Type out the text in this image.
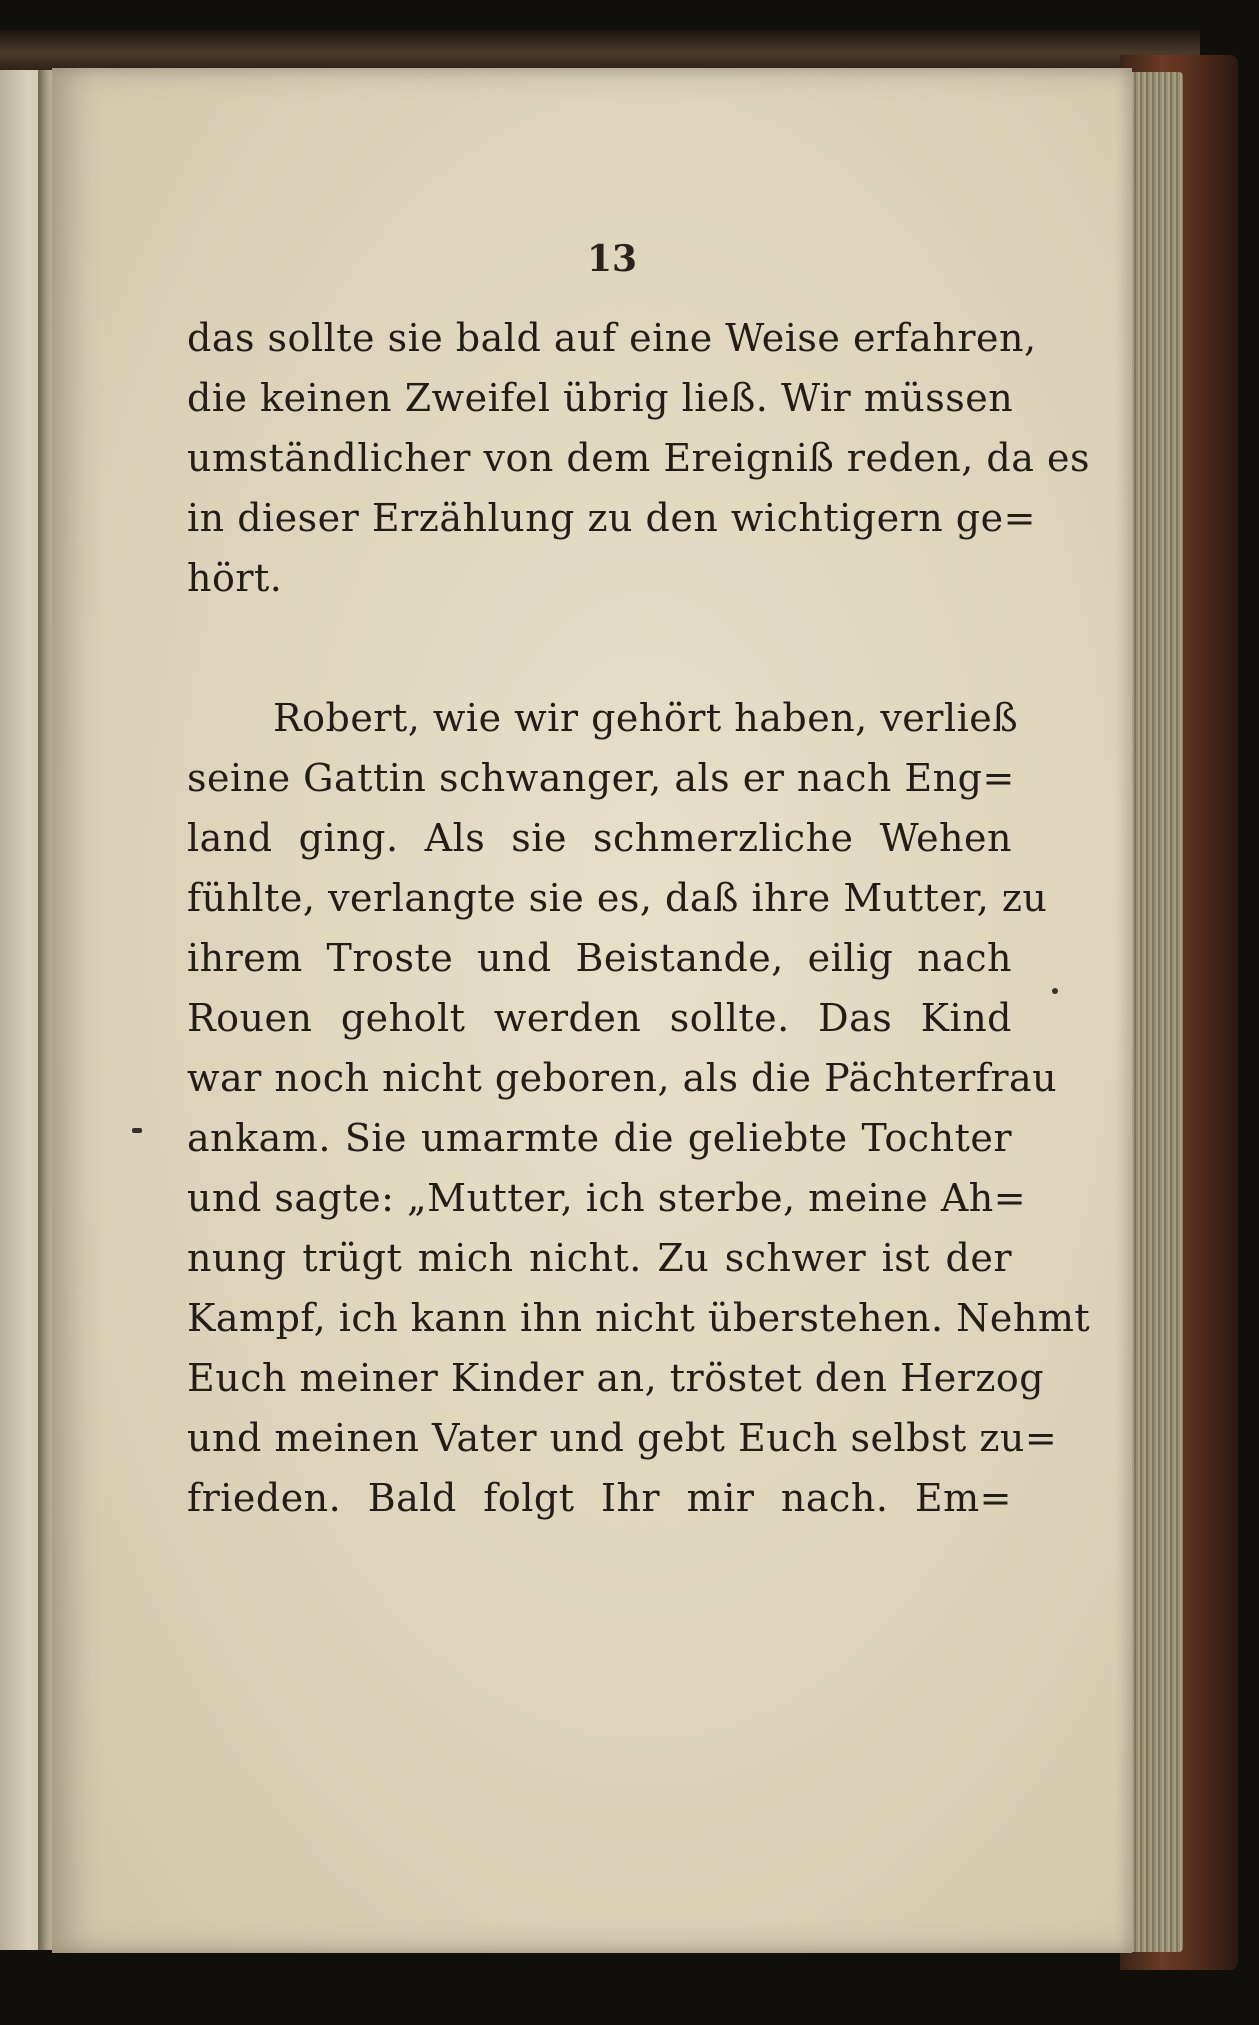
13
das sollte sie bald auf eine Weise erfahren,
die keinen Zweifel übrig ließ. Wir müssen
umständlicher von dem Ereigniß reden, da es
in dieser Erzählung zu den wichtigern ge=
hört.
Robert, wie wir gehört haben, verließ
seine Gattin schwanger, als er nach Eng=
land ging. Als sie schmerzliche Wehen
fühlte, verlangte sie es, daß ihre Mutter, zu
ihrem Troste und Beistande, eilig nach
Rouen geholt werden sollte. Das Kind
war noch nicht geboren, als die Pächterfrau
ankam. Sie umarmte die geliebte Tochter
und sagte: „Mutter, ich sterbe, meine Ah=
nung trügt mich nicht. Zu schwer ist der
Kampf, ich kann ihn nicht überstehen. Nehmt
Euch meiner Kinder an, tröstet den Herzog
und meinen Vater und gebt Euch selbst zu=
frieden. Bald folgt Ihr mir nach. Em=
